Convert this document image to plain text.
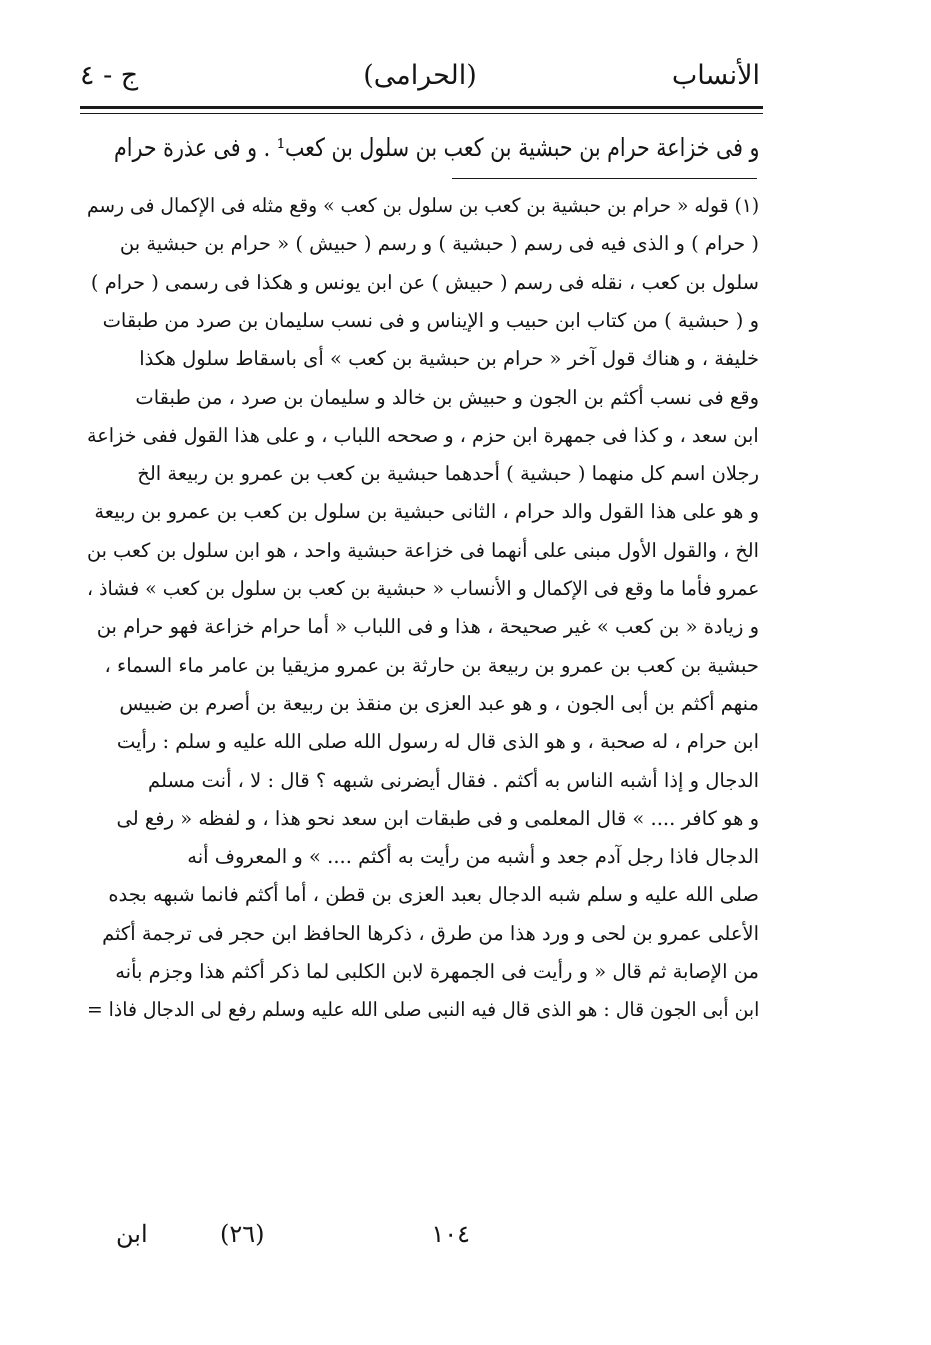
الأنساب
(الحرامى)
ج - ٤
و فى خزاعة حرام بن حبشية بن كعب بن سلول بن كعب¹ . و فى عذرة حرام
(١) قوله « حرام بن حبشية بن كعب بن سلول بن كعب » وقع مثله فى الإكمال فى رسم
( حرام ) و الذى فيه فى رسم ( حبشية ) و رسم ( حبيش ) « حرام بن حبشية بن
سلول بن كعب ، نقله فى رسم ( حبيش ) عن ابن يونس و هكذا فى رسمى ( حرام )
و ( حبشية ) من كتاب ابن حبيب و الإيناس و فى نسب سليمان بن صرد من طبقات
خليفة ، و هناك قول آخر « حرام بن حبشية بن كعب » أى باسقاط سلول هكذا
وقع فى نسب أكثم بن الجون و حبيش بن خالد و سليمان بن صرد ، من طبقات
ابن سعد ، و كذا فى جمهرة ابن حزم ، و صححه اللباب ، و على هذا القول ففى خزاعة
رجلان اسم كل منهما ( حبشية ) أحدهما حبشية بن كعب بن عمرو بن ربيعة الخ
و هو على هذا القول والد حرام ، الثانى حبشية بن سلول بن كعب بن عمرو بن ربيعة
الخ ، والقول الأول مبنى على أنهما فى خزاعة حبشية واحد ، هو ابن سلول بن كعب بن
عمرو فأما ما وقع فى الإكمال و الأنساب « حبشية بن كعب بن سلول بن كعب » فشاذ ،
و زيادة « بن كعب » غير صحيحة ، هذا و فى اللباب « أما حرام خزاعة فهو حرام بن
حبشية بن كعب بن عمرو بن ربيعة بن حارثة بن عمرو مزيقيا بن عامر ماء السماء ،
منهم أكثم بن أبى الجون ، و هو عبد العزى بن منقذ بن ربيعة بن أصرم بن ضبيس
ابن حرام ، له صحبة ، و هو الذى قال له رسول الله صلى الله عليه و سلم : رأيت
الدجال و إذا أشبه الناس به أكثم . فقال أيضرنى شبهه ؟ قال : لا ، أنت مسلم
و هو كافر .... » قال المعلمى و فى طبقات ابن سعد نحو هذا ، و لفظه « رفع لى
الدجال فاذا رجل آدم جعد و أشبه من رأيت به أكثم .... » و المعروف أنه
صلى الله عليه و سلم شبه الدجال بعبد العزى بن قطن ، أما أكثم فانما شبهه بجده
الأعلى عمرو بن لحى و ورد هذا من طرق ، ذكرها الحافظ ابن حجر فى ترجمة أكثم
من الإصابة ثم قال « و رأيت فى الجمهرة لابن الكلبى لما ذكر أكثم هذا وجزم بأنه
ابن أبى الجون قال : هو الذى قال فيه النبى صلى الله عليه وسلم رفع لى الدجال فاذا =
١٠٤
(٢٦)
ابن
